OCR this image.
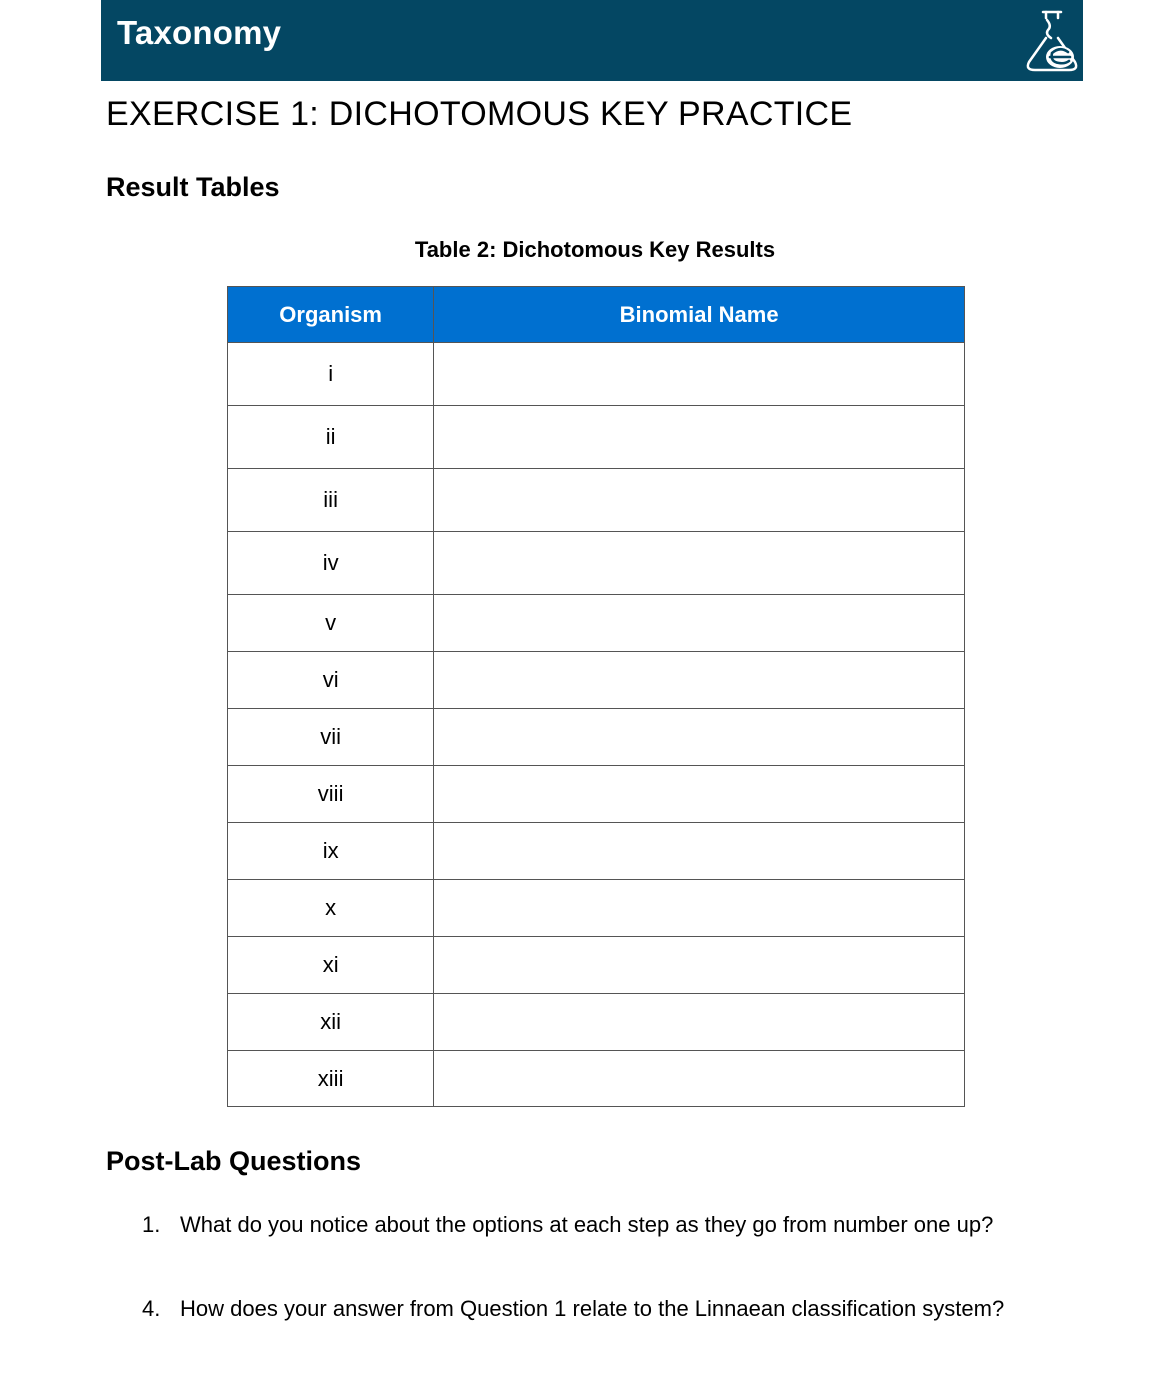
Taxonomy
EXERCISE 1: DICHOTOMOUS KEY PRACTICE
Result Tables
Table 2: Dichotomous Key Results
Organism	Binomial Name
i	
ii	
iii	
iv	
v	
vi	
vii	
viii	
ix	
x	
xi	
xii	
xiii	
Post-Lab Questions
1. What do you notice about the options at each step as they go from number one up?
4. How does your answer from Question 1 relate to the Linnaean classification system?
